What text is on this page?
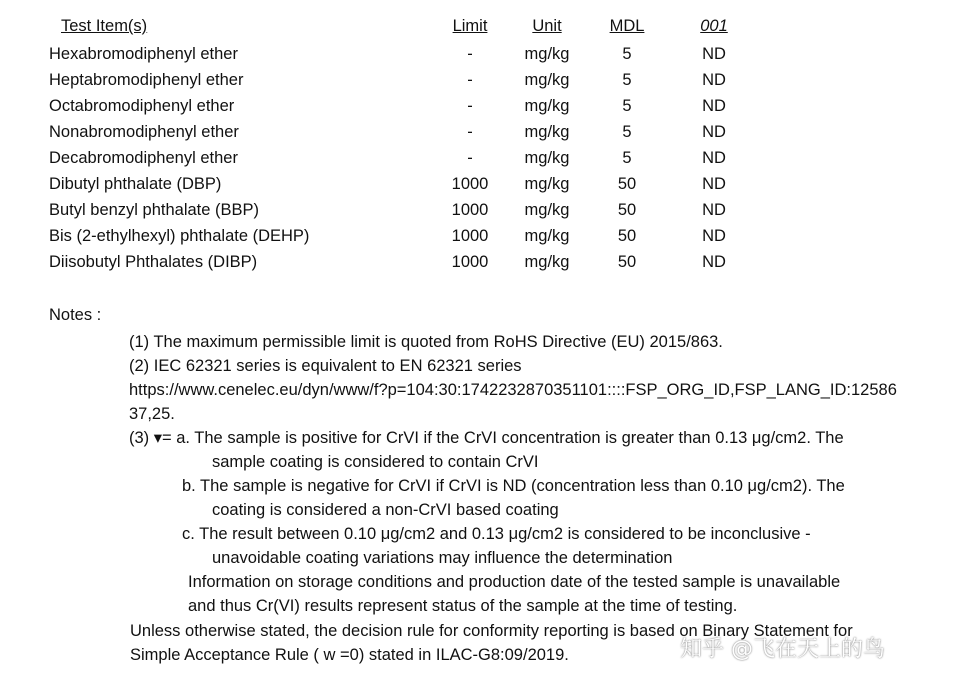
Test Item(s)	Limit	Unit	MDL	001
Hexabromodiphenyl ether	-	mg/kg	5	ND
Heptabromodiphenyl ether	-	mg/kg	5	ND
Octabromodiphenyl ether	-	mg/kg	5	ND
Nonabromodiphenyl ether	-	mg/kg	5	ND
Decabromodiphenyl ether	-	mg/kg	5	ND
Dibutyl phthalate (DBP)	1000	mg/kg	50	ND
Butyl benzyl phthalate (BBP)	1000	mg/kg	50	ND
Bis (2-ethylhexyl) phthalate (DEHP)	1000	mg/kg	50	ND
Diisobutyl Phthalates (DIBP)	1000	mg/kg	50	ND
Notes :
(1) The maximum permissible limit is quoted from RoHS Directive (EU) 2015/863.
(2) IEC 62321 series is equivalent to EN 62321 series
https://www.cenelec.eu/dyn/www/f?p=104:30:1742232870351101::::FSP_ORG_ID,FSP_LANG_ID:12586
37,25.
(3) ▾= a. The sample is positive for CrVI if the CrVI concentration is greater than 0.13 μg/cm2. The
sample coating is considered to contain CrVI
b. The sample is negative for CrVI if CrVI is ND (concentration less than 0.10 μg/cm2). The
coating is considered a non-CrVI based coating
c. The result between 0.10 μg/cm2 and 0.13 μg/cm2 is considered to be inconclusive -
unavoidable coating variations may influence the determination
Information on storage conditions and production date of the tested sample is unavailable
and thus Cr(VI) results represent status of the sample at the time of testing.
Unless otherwise stated, the decision rule for conformity reporting is based on Binary Statement for
Simple Acceptance Rule ( w =0) stated in ILAC-G8:09/2019.	知乎 @飞在天上的鸟
